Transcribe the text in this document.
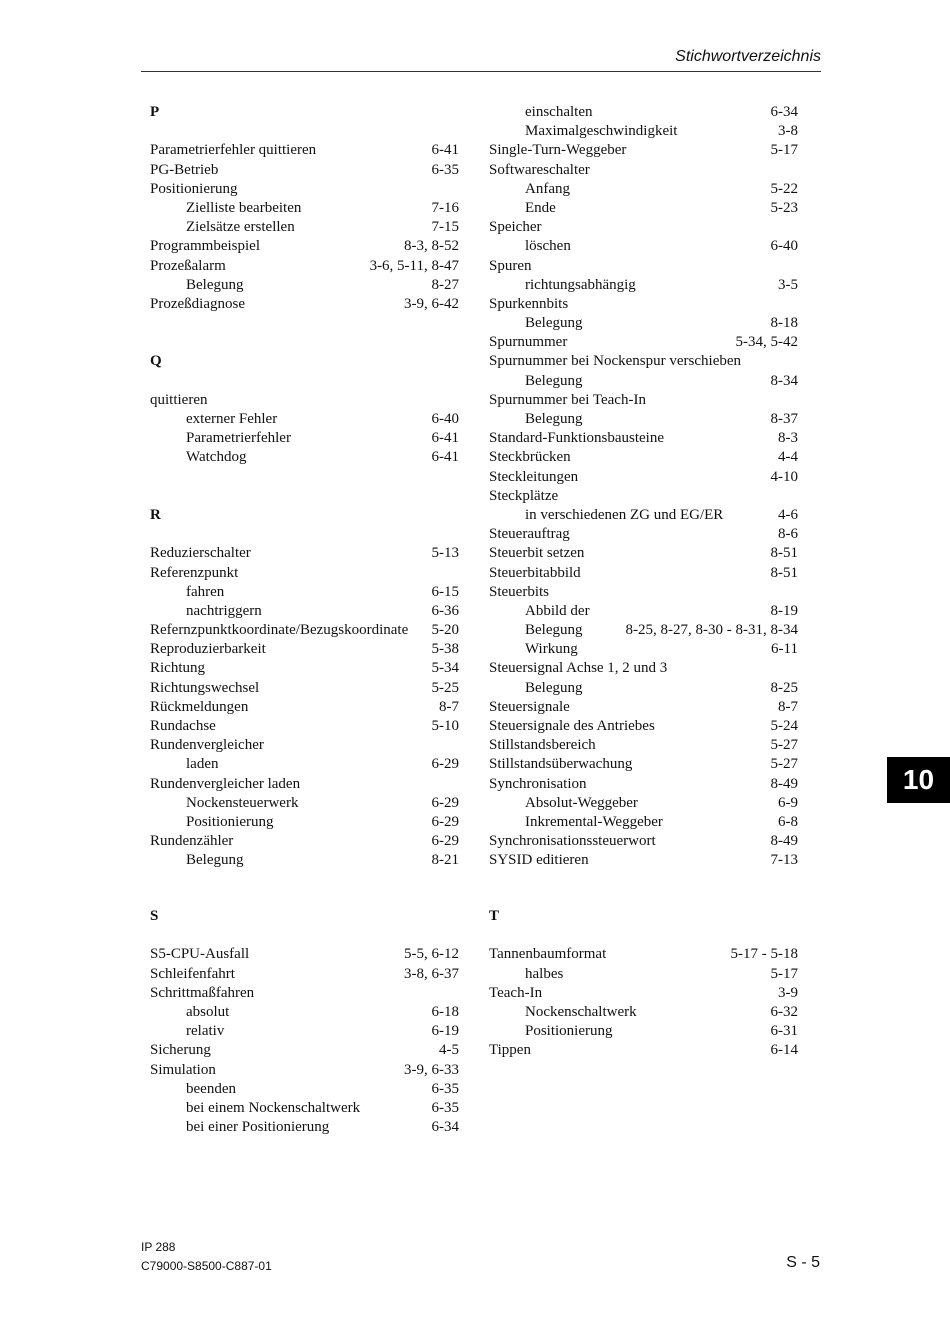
Stichwortverzeichnis
P
Parametrierfehler quittieren	6-41
PG-Betrieb	6-35
Positionierung
Zielliste bearbeiten	7-16
Zielsätze erstellen	7-15
Programmbeispiel	8-3, 8-52
Prozeßalarm	3-6, 5-11, 8-47
Belegung	8-27
Prozeßdiagnose	3-9, 6-42
Q
quittieren
externer Fehler	6-40
Parametrierfehler	6-41
Watchdog	6-41
R
Reduzierschalter	5-13
Referenzpunkt
fahren	6-15
nachtriggern	6-36
Refernzpunktkoordinate/Bezugskoordinate 5-20
Reproduzierbarkeit	5-38
Richtung	5-34
Richtungswechsel	5-25
Rückmeldungen	8-7
Rundachse	5-10
Rundenvergleicher
laden	6-29
Rundenvergleicher laden
Nockensteuerwerk	6-29
Positionierung	6-29
Rundenzähler	6-29
Belegung	8-21
einschalten	6-34
Maximalgeschwindigkeit	3-8
Single-Turn-Weggeber	5-17
Softwareschalter
Anfang	5-22
Ende	5-23
Speicher
löschen	6-40
Spuren
richtungsabhängig	3-5
Spurkennbits
Belegung	8-18
Spurnummer	5-34, 5-42
Spurnummer bei Nockenspur verschieben
Belegung	8-34
Spurnummer bei Teach-In
Belegung	8-37
Standard-Funktionsbausteine	8-3
Steckbrücken	4-4
Steckleitungen	4-10
Steckplätze
in verschiedenen ZG und EG/ER	4-6
Steuerauftrag	8-6
Steuerbit setzen	8-51
Steuerbitabbild	8-51
Steuerbits
Abbild der	8-19
Belegung	8-25, 8-27, 8-30 - 8-31, 8-34
Wirkung	6-11
Steuersignal Achse 1, 2 und 3
Belegung	8-25
Steuersignale	8-7
Steuersignale des Antriebes	5-24
Stillstandsbereich	5-27
Stillstandsüberwachung	5-27
Synchronisation	8-49
Absolut-Weggeber	6-9
Inkremental-Weggeber	6-8
Synchronisationssteuerwort	8-49
SYSID editieren	7-13
S
S5-CPU-Ausfall	5-5, 6-12
Schleifenfahrt	3-8, 6-37
Schrittmaßfahren
absolut	6-18
relativ	6-19
Sicherung	4-5
Simulation	3-9, 6-33
beenden	6-35
bei einem Nockenschaltwerk	6-35
bei einer Positionierung	6-34
T
Tannenbaumformat	5-17 - 5-18
halbes	5-17
Teach-In	3-9
Nockenschaltwerk	6-32
Positionierung	6-31
Tippen	6-14
10
IP 288
C79000-S8500-C887-01	S - 5
